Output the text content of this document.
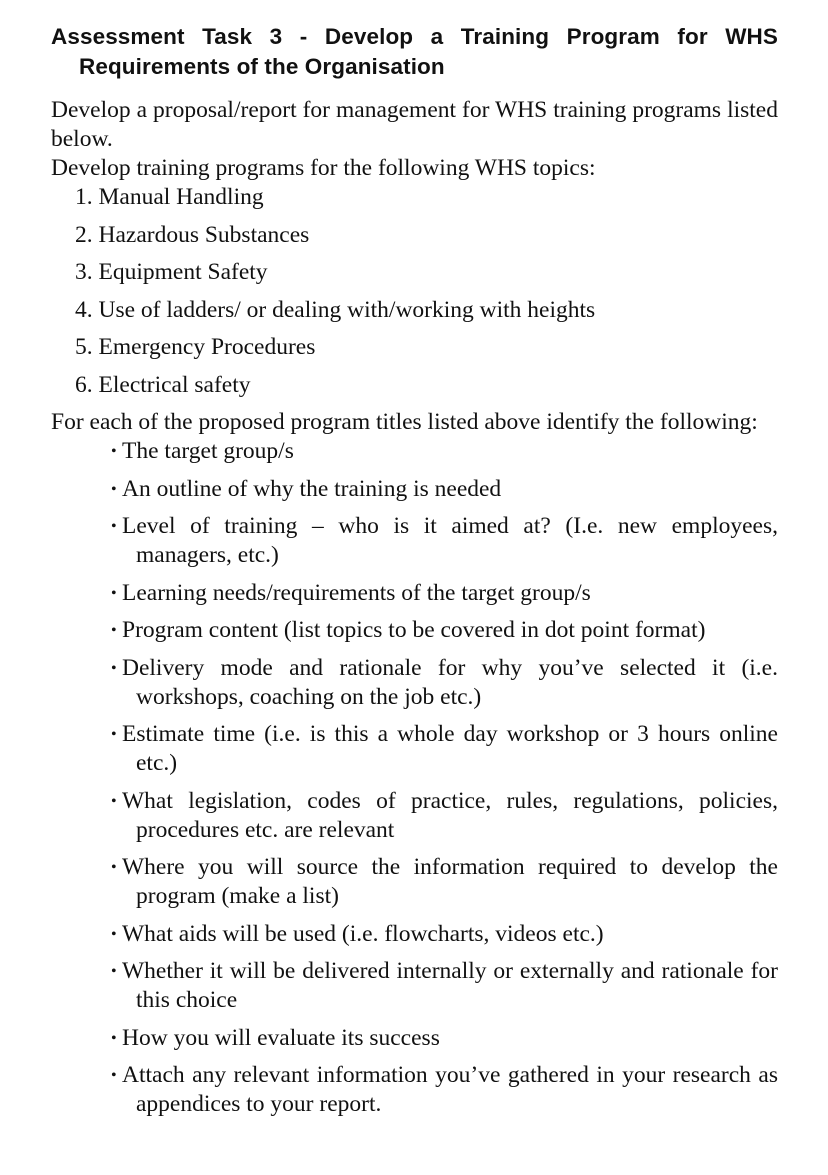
Assessment Task 3 - Develop a Training Program for WHS Requirements of the Organisation

Develop a proposal/report for management for WHS training programs listed below.

Develop training programs for the following WHS topics:

1. Manual Handling
2. Hazardous Substances
3. Equipment Safety
4. Use of ladders/ or dealing with/working with heights
5. Emergency Procedures
6. Electrical safety

For each of the proposed program titles listed above identify the following:

• The target group/s
• An outline of why the training is needed
• Level of training – who is it aimed at? (I.e. new employees, managers, etc.)
• Learning needs/requirements of the target group/s
• Program content (list topics to be covered in dot point format)
• Delivery mode and rationale for why you’ve selected it (i.e. workshops, coaching on the job etc.)
• Estimate time (i.e. is this a whole day workshop or 3 hours online etc.)
• What legislation, codes of practice, rules, regulations, policies, procedures etc. are relevant
• Where you will source the information required to develop the program (make a list)
• What aids will be used (i.e. flowcharts, videos etc.)
• Whether it will be delivered internally or externally and rationale for this choice
• How you will evaluate its success
• Attach any relevant information you’ve gathered in your research as appendices to your report.
